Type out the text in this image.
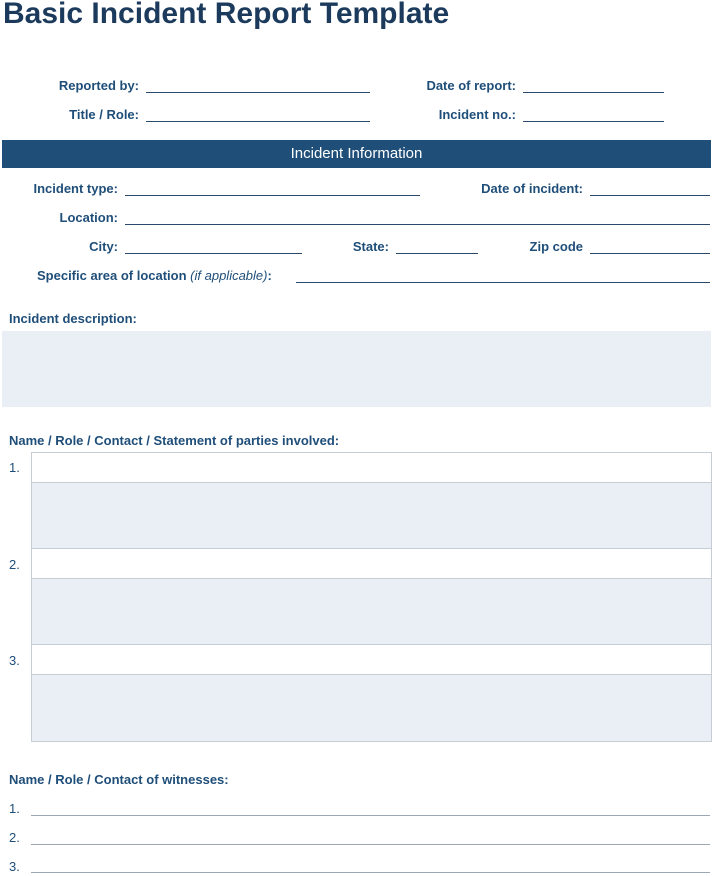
Basic Incident Report Template
Reported by:	Date of report:
Title / Role:	Incident no.:
Incident Information
Incident type:	Date of incident:
Location:
City:	State:	Zip code
Specific area of location (if applicable):
Incident description:
Name / Role / Contact / Statement of parties involved:
1.
2.
3.
Name / Role / Contact of witnesses:
1.
2.
3.
